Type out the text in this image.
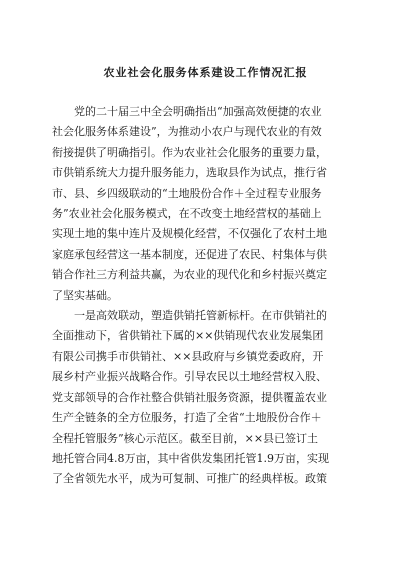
农业社会化服务体系建设工作情况汇报

党的二十届三中全会明确指出“加强高效便捷的农业
社会化服务体系建设”，为推动小农户与现代农业的有效
衔接提供了明确指引。作为农业社会化服务的重要力量，
市供销系统大力提升服务能力，选取县作为试点，推行省
市、县、乡四级联动的“土地股份合作＋全过程专业服务
务”农业社会化服务模式，在不改变土地经营权的基础上
实现土地的集中连片及规模化经营，不仅强化了农村土地
家庭承包经营这一基本制度，还促进了农民、村集体与供
销合作社三方利益共赢，为农业的现代化和乡村振兴奠定
了坚实基础。

一是高效联动，塑造供销托管新标杆。在市供销社的
全面推动下，省供销社下属的××供销现代农业发展集团
有限公司携手市供销社、××县政府与乡镇党委政府，开
展乡村产业振兴战略合作。引导农民以土地经营权入股、
党支部领导的合作社整合供销社服务资源，提供覆盖农业
生产全链条的全方位服务，打造了全省“土地股份合作＋
全程托管服务”核心示范区。截至目前，××县已签订土
地托管合同4.8万亩，其中省供发集团托管1.9万亩，实现
了全省领先水平，成为可复制、可推广的经典样板。政策
